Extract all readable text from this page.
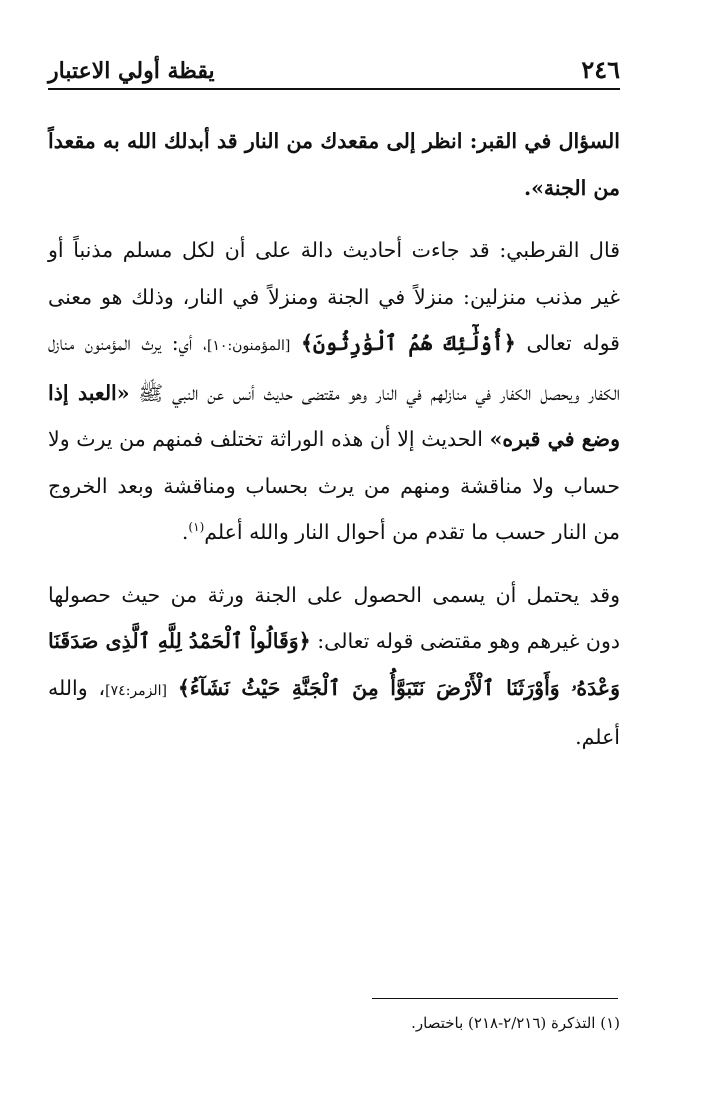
٢٤٦
يقظة أولي الاعتبار

السؤال في القبر: انظر إلى مقعدك من النار قد أبدلك الله به مقعداً من الجنة».

قال القرطبي: قد جاءت أحاديث دالة على أن لكل مسلم مذنباً أو غير مذنب منزلين: منزلاً في الجنة ومنزلاً في النار، وذلك هو معنى قوله تعالى ﴿أُوْلَٰٓئِكَ هُمُ ٱلْوَٰرِثُونَ﴾ [المؤمنون:١٠]، أي: يرث المؤمنون منازل الكفار ويحصل الكفار في منازلهم في النار وهو مقتضى حديث أنس عن النبي ﷺ «العبد إذا وضع في قبره» الحديث إلا أن هذه الوراثة تختلف فمنهم من يرث ولا حساب ولا مناقشة ومنهم من يرث بحساب ومناقشة وبعد الخروج من النار حسب ما تقدم من أحوال النار والله أعلم$^{(١)}$.

وقد يحتمل أن يسمى الحصول على الجنة ورثة من حيث حصولها دون غيرهم وهو مقتضى قوله تعالى: ﴿وَقَالُواْ ٱلْحَمْدُ لِلَّهِ ٱلَّذِى صَدَقَنَا وَعْدَهُۥ وَأَوْرَثَنَا ٱلْأَرْضَ نَتَبَوَّأُ مِنَ ٱلْجَنَّةِ حَيْثُ نَشَآءُ﴾ [الزمر:٧٤]، والله أعلم.

(١) التذكرة (٢/٢١٦-٢١٨) باختصار.
